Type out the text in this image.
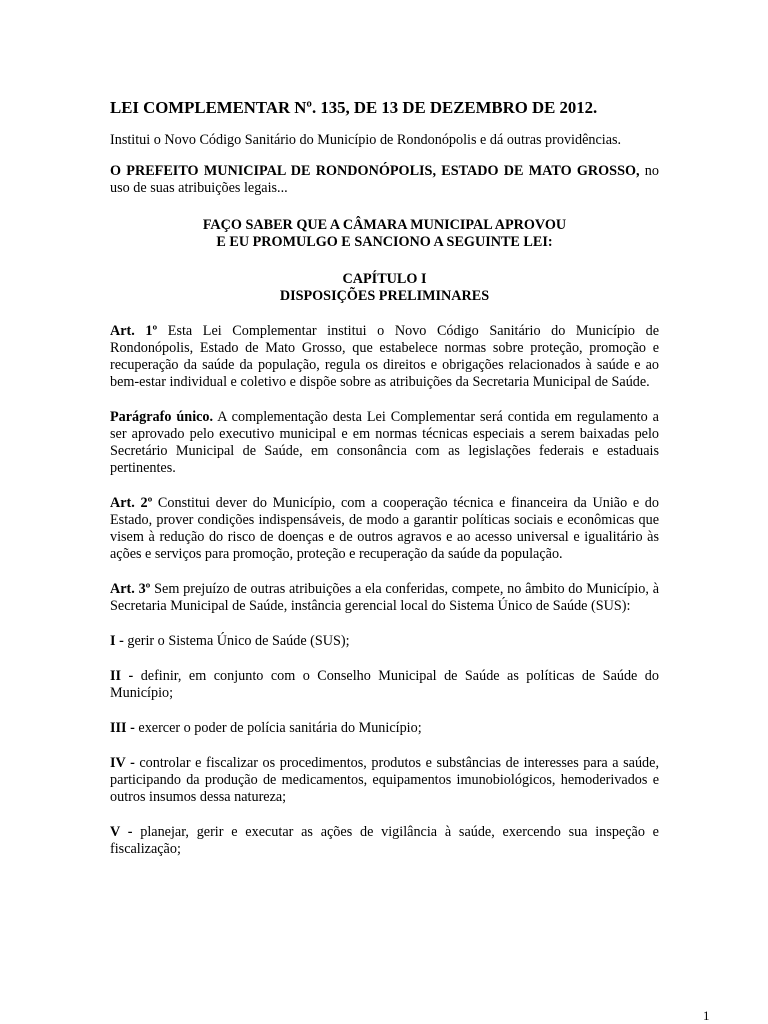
LEI COMPLEMENTAR Nº. 135, DE 13 DE DEZEMBRO DE 2012.

Institui o Novo Código Sanitário do Município de Rondonópolis e dá outras providências.

O PREFEITO MUNICIPAL DE RONDONÓPOLIS, ESTADO DE MATO GROSSO, no uso de suas atribuições legais...

FAÇO SABER QUE A CÂMARA MUNICIPAL APROVOU
E EU PROMULGO E SANCIONO A SEGUINTE LEI:

CAPÍTULO I
DISPOSIÇÕES PRELIMINARES

Art. 1º Esta Lei Complementar institui o Novo Código Sanitário do Município de Rondonópolis, Estado de Mato Grosso, que estabelece normas sobre proteção, promoção e recuperação da saúde da população, regula os direitos e obrigações relacionados à saúde e ao bem-estar individual e coletivo e dispõe sobre as atribuições da Secretaria Municipal de Saúde.

Parágrafo único. A complementação desta Lei Complementar será contida em regulamento a ser aprovado pelo executivo municipal e em normas técnicas especiais a serem baixadas pelo Secretário Municipal de Saúde, em consonância com as legislações federais e estaduais pertinentes.

Art. 2º Constitui dever do Município, com a cooperação técnica e financeira da União e do Estado, prover condições indispensáveis, de modo a garantir políticas sociais e econômicas que visem à redução do risco de doenças e de outros agravos e ao acesso universal e igualitário às ações e serviços para promoção, proteção e recuperação da saúde da população.

Art. 3º Sem prejuízo de outras atribuições a ela conferidas, compete, no âmbito do Município, à Secretaria Municipal de Saúde, instância gerencial local do Sistema Único de Saúde (SUS):

I - gerir o Sistema Único de Saúde (SUS);

II - definir, em conjunto com o Conselho Municipal de Saúde as políticas de Saúde do Município;

III - exercer o poder de polícia sanitária do Município;

IV - controlar e fiscalizar os procedimentos, produtos e substâncias de interesses para a saúde, participando da produção de medicamentos, equipamentos imunobiológicos, hemoderivados e outros insumos dessa natureza;

V - planejar, gerir e executar as ações de vigilância à saúde, exercendo sua inspeção e fiscalização;

1
